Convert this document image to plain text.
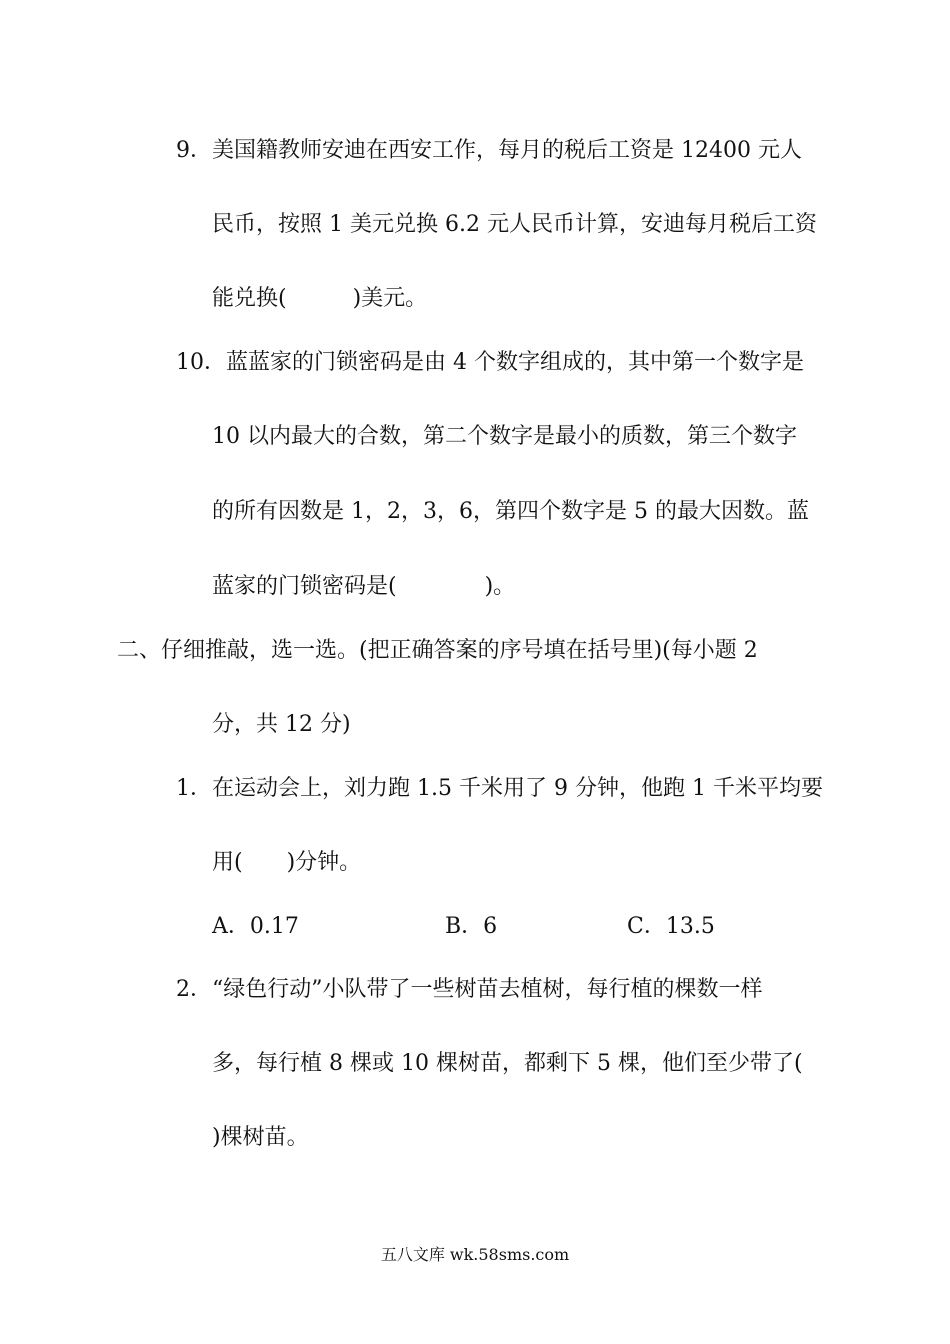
9．美国籍教师安迪在西安工作，每月的税后工资是 12400 元人
民币，按照 1 美元兑换 6.2 元人民币计算，安迪每月税后工资
能兑换(　　　)美元。
10．蓝蓝家的门锁密码是由 4 个数字组成的，其中第一个数字是
10 以内最大的合数，第二个数字是最小的质数，第三个数字
的所有因数是 1，2，3，6，第四个数字是 5 的最大因数。蓝
蓝家的门锁密码是(　　　　)。
二、仔细推敲，选一选。(把正确答案的序号填在括号里)(每小题 2
分，共 12 分)
1．在运动会上，刘力跑 1.5 千米用了 9 分钟，他跑 1 千米平均要
用(　　)分钟。
A．0.17	B．6	C．13.5
2．“绿色行动”小队带了一些树苗去植树，每行植的棵数一样
多，每行植 8 棵或 10 棵树苗，都剩下 5 棵，他们至少带了(
)棵树苗。
五八文库 wk.58sms.com
